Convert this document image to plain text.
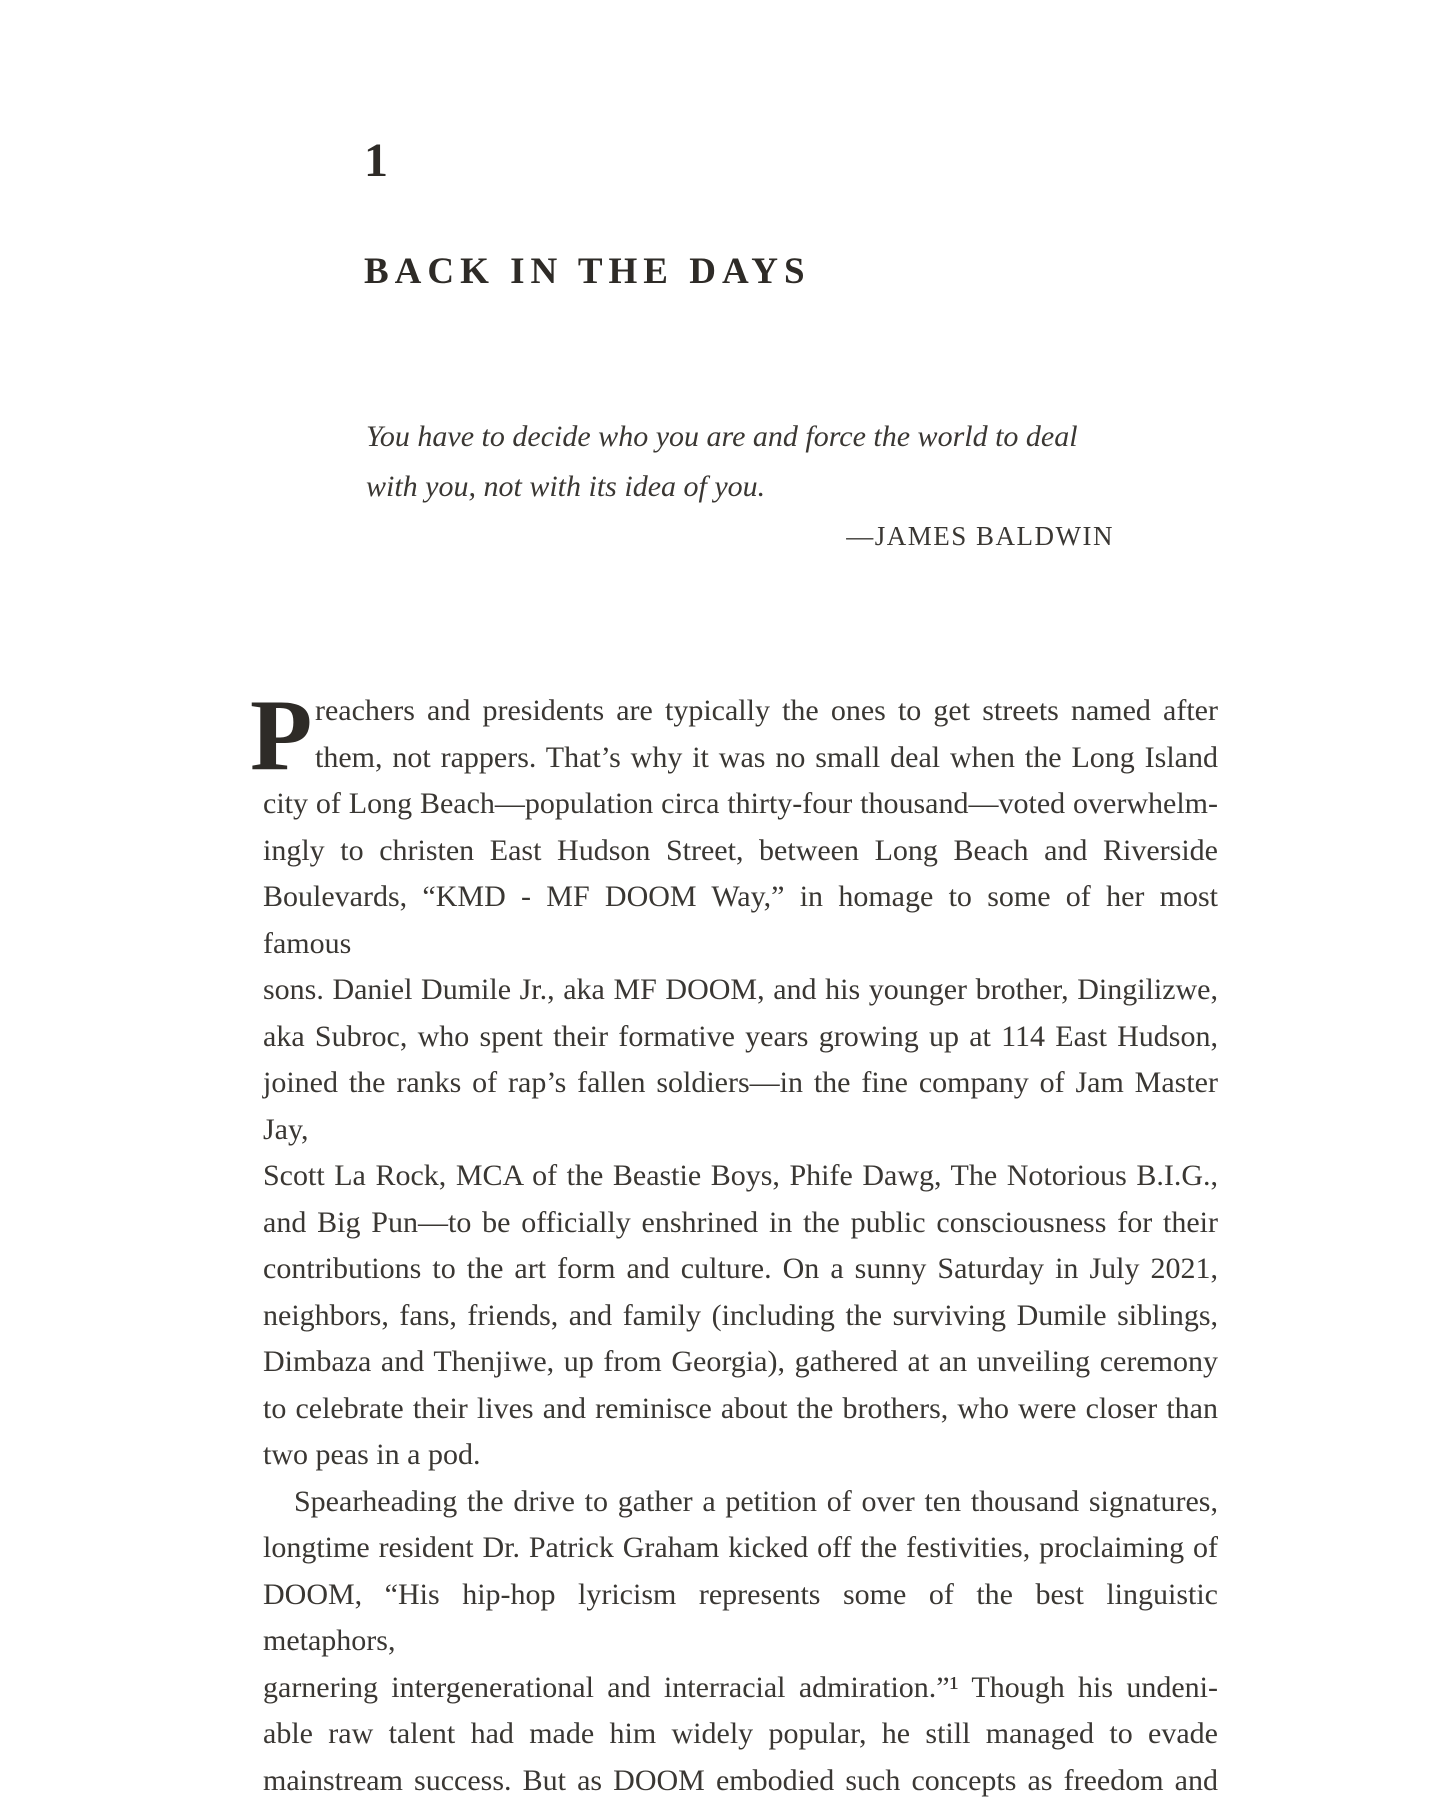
1
BACK IN THE DAYS
You have to decide who you are and force the world to deal
with you, not with its idea of you.
—JAMES BALDWIN
P reachers and presidents are typically the ones to get streets named after
them, not rappers. That’s why it was no small deal when the Long Island
city of Long Beach—population circa thirty-four thousand—voted overwhelm-
ingly to christen East Hudson Street, between Long Beach and Riverside
Boulevards, “KMD - MF DOOM Way,” in homage to some of her most famous
sons. Daniel Dumile Jr., aka MF DOOM, and his younger brother, Dingilizwe,
aka Subroc, who spent their formative years growing up at 114 East Hudson,
joined the ranks of rap’s fallen soldiers—in the fine company of Jam Master Jay,
Scott La Rock, MCA of the Beastie Boys, Phife Dawg, The Notorious B.I.G.,
and Big Pun—to be officially enshrined in the public consciousness for their
contributions to the art form and culture. On a sunny Saturday in July 2021,
neighbors, fans, friends, and family (including the surviving Dumile siblings,
Dimbaza and Thenjiwe, up from Georgia), gathered at an unveiling ceremony
to celebrate their lives and reminisce about the brothers, who were closer than
two peas in a pod.
Spearheading the drive to gather a petition of over ten thousand signatures,
longtime resident Dr. Patrick Graham kicked off the festivities, proclaiming of
DOOM, “His hip-hop lyricism represents some of the best linguistic metaphors,
garnering intergenerational and interracial admiration.”¹ Though his undeni-
able raw talent had made him widely popular, he still managed to evade
mainstream success. But as DOOM embodied such concepts as freedom and
